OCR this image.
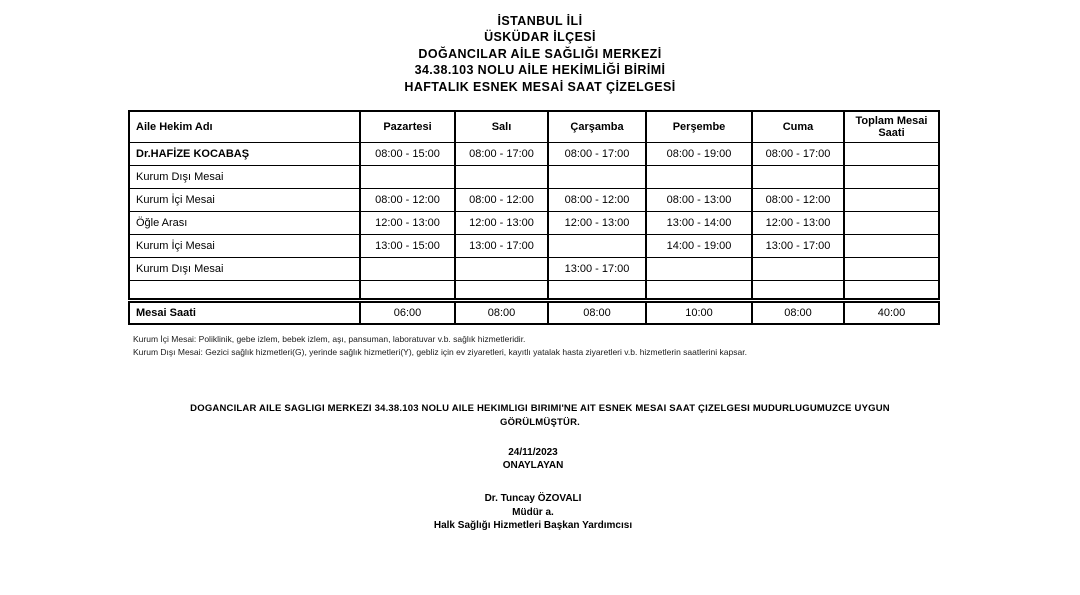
İSTANBUL İLİ
ÜSKÜDAR İLÇESİ
DOĞANCILAR AİLE SAĞLIĞI MERKEZİ
34.38.103 NOLU AİLE HEKİMLİĞİ BİRİMİ
HAFTALIK ESNEK MESAİ SAAT ÇİZELGESİ
Aile Hekim Adı	Pazartesi	Salı	Çarşamba	Perşembe	Cuma	Toplam Mesai Saati
Dr.HAFİZE KOCABAŞ	08:00 - 15:00	08:00 - 17:00	08:00 - 17:00	08:00 - 19:00	08:00 - 17:00	
Kurum Dışı Mesai						
Kurum İçi Mesai	08:00 - 12:00	08:00 - 12:00	08:00 - 12:00	08:00 - 13:00	08:00 - 12:00	
Öğle Arası	12:00 - 13:00	12:00 - 13:00	12:00 - 13:00	13:00 - 14:00	12:00 - 13:00	
Kurum İçi Mesai	13:00 - 15:00	13:00 - 17:00		14:00 - 19:00	13:00 - 17:00	
Kurum Dışı Mesai			13:00 - 17:00			

Mesai Saati	06:00	08:00	08:00	10:00	08:00	40:00
Kurum İçi Mesai: Poliklinik, gebe izlem, bebek izlem, aşı, pansuman, laboratuvar v.b. sağlık hizmetleridir.
Kurum Dışı Mesai: Gezici sağlık hizmetleri(G), yerinde sağlık hizmetleri(Y), gebliz için ev ziyaretleri, kayıtlı yatalak hasta ziyaretleri v.b. hizmetlerin saatlerini kapsar.
DOGANCILAR AILE SAGLIGI MERKEZI 34.38.103 NOLU AILE HEKIMLIGI BIRIMI'NE AIT ESNEK MESAI SAAT ÇIZELGESI MUDURLUGUMUZCE UYGUN GÖRÜLMÜŞTÜR.
24/11/2023
ONAYLAYAN
Dr. Tuncay ÖZOVALI
Müdür a.
Halk Sağlığı Hizmetleri Başkan Yardımcısı
